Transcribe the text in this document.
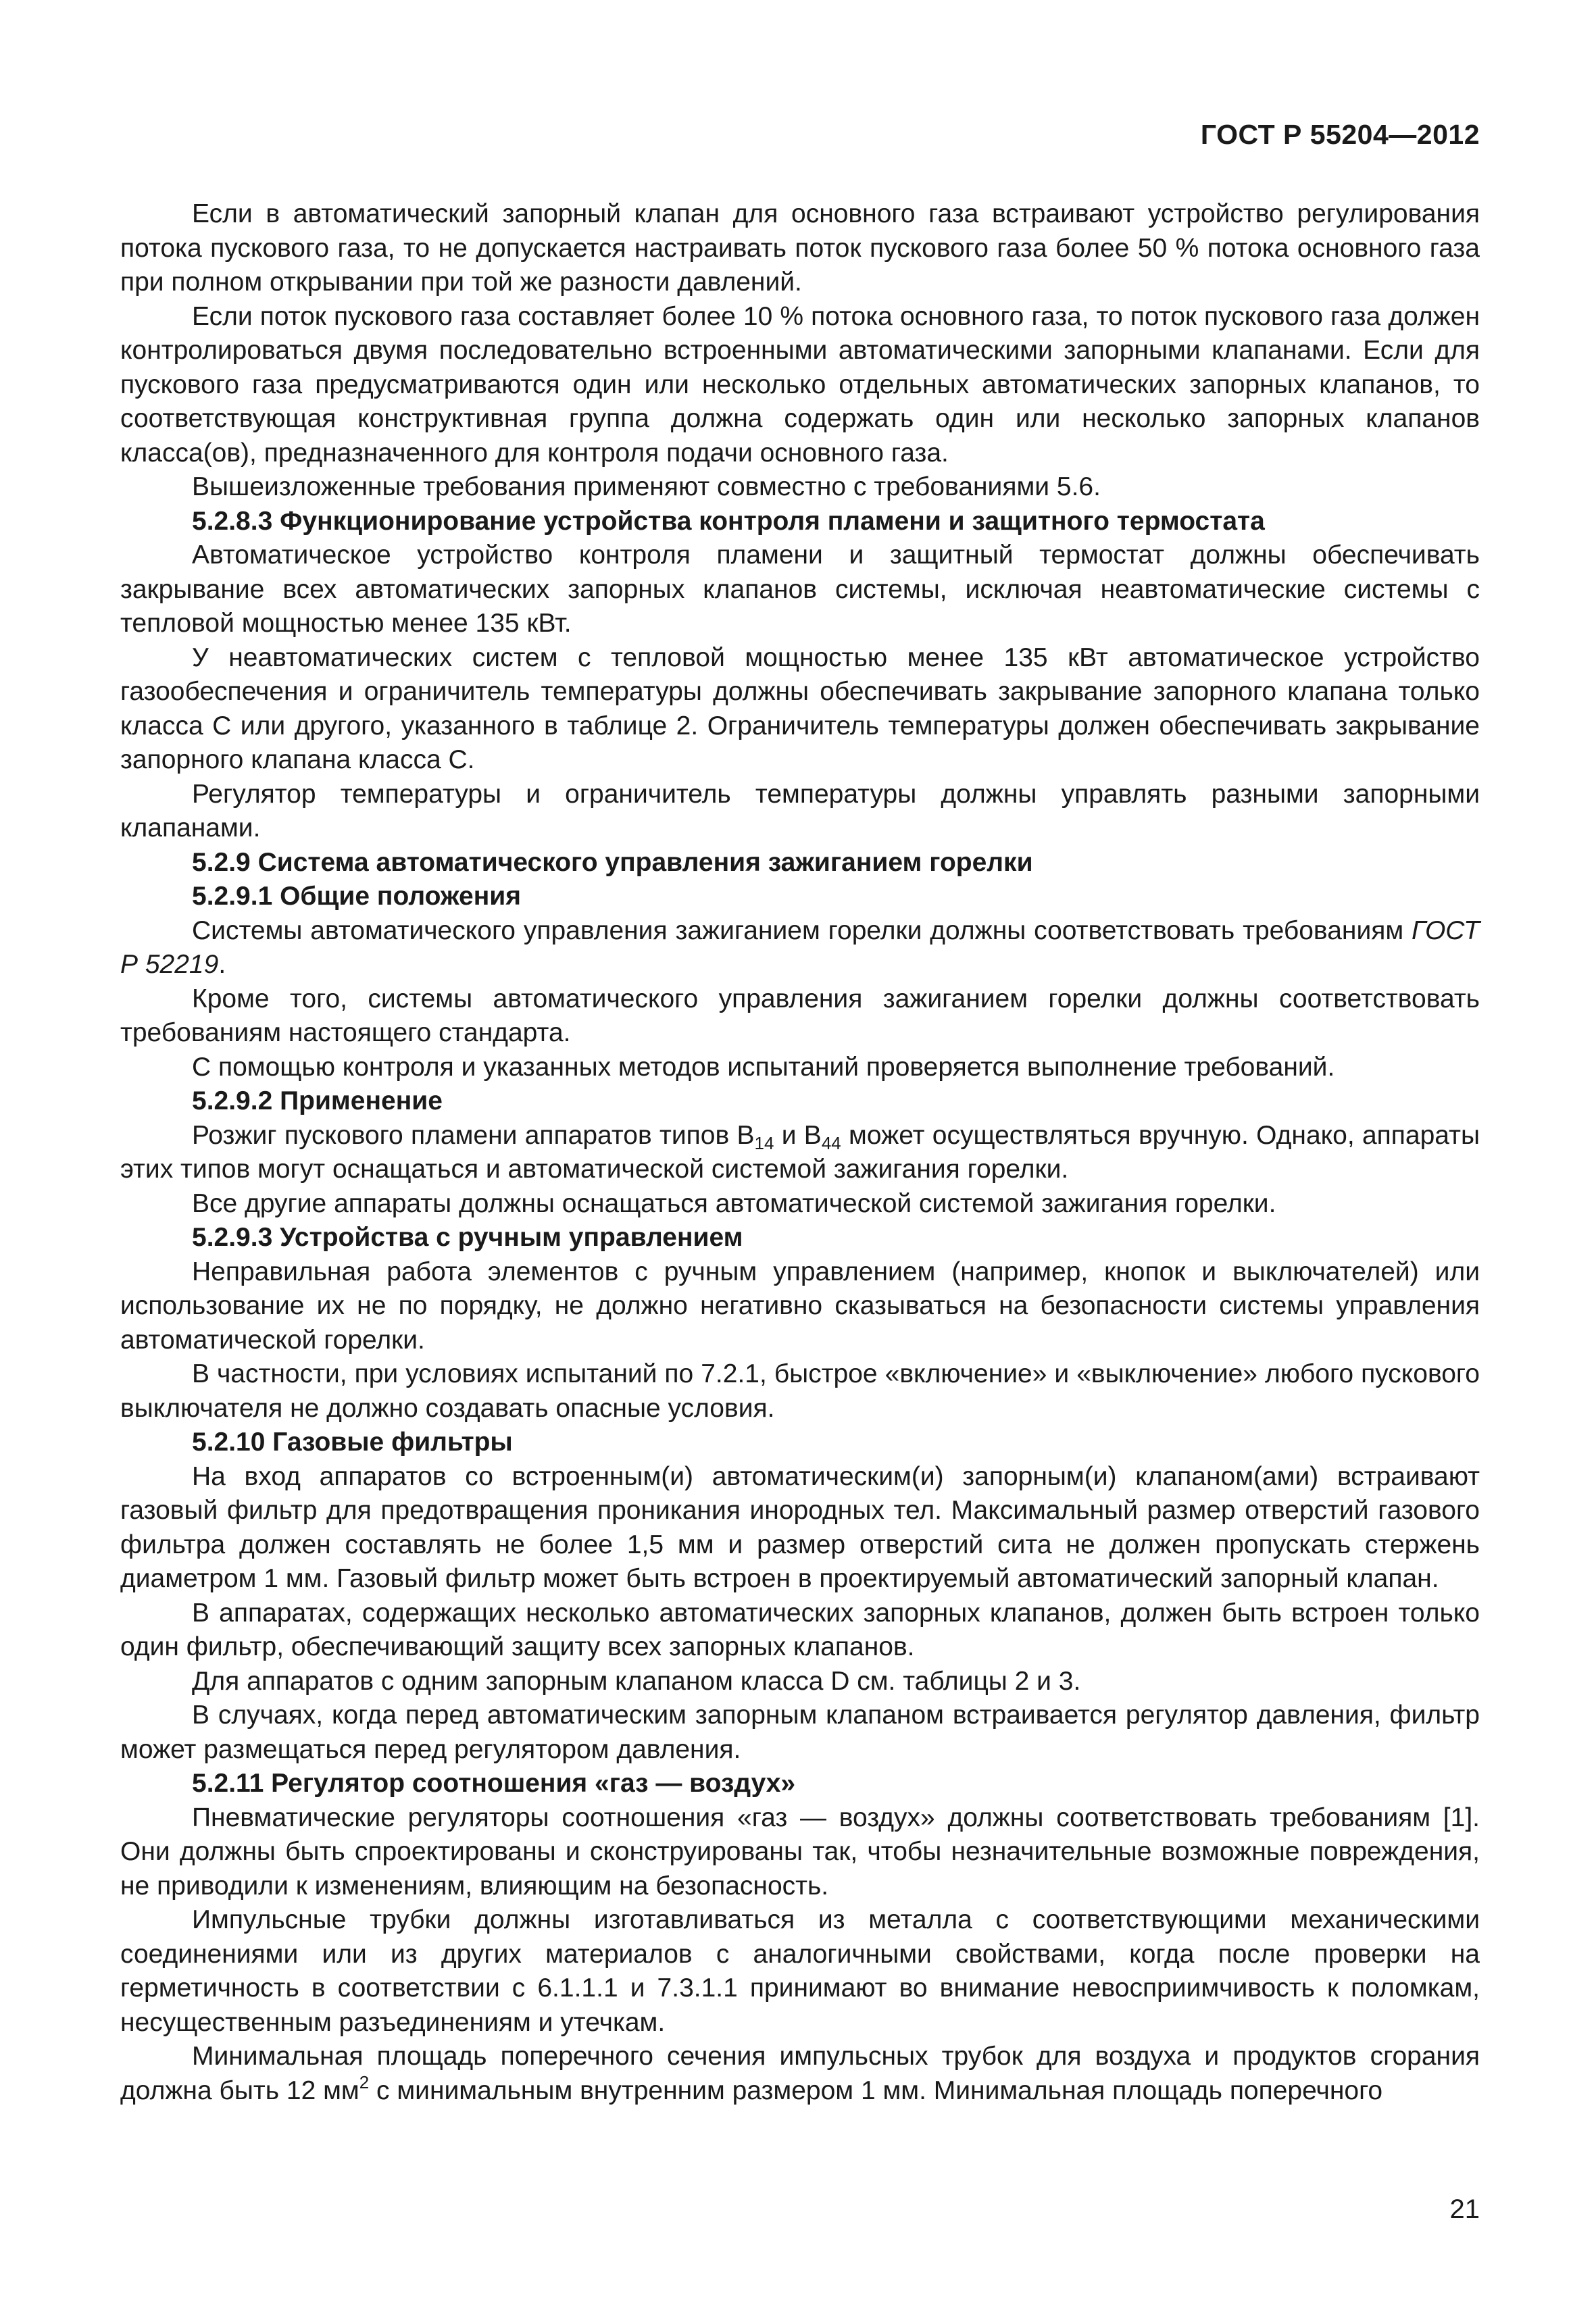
ГОСТ Р 55204—2012

Если в автоматический запорный клапан для основного газа встраивают устройство регулирования потока пускового газа, то не допускается настраивать поток пускового газа более 50 % потока основного газа при полном открывании при той же разности давлений.

Если поток пускового газа составляет более 10 % потока основного газа, то поток пускового газа должен контролироваться двумя последовательно встроенными автоматическими запорными клапанами. Если для пускового газа предусматриваются один или несколько отдельных автоматических запорных клапанов, то соответствующая конструктивная группа должна содержать один или несколько запорных клапанов класса(ов), предназначенного для контроля подачи основного газа.

Вышеизложенные требования применяют совместно с требованиями 5.6.

5.2.8.3 Функционирование устройства контроля пламени и защитного термостата

Автоматическое устройство контроля пламени и защитный термостат должны обеспечивать закрывание всех автоматических запорных клапанов системы, исключая неавтоматические системы с тепловой мощностью менее 135 кВт.

У неавтоматических систем с тепловой мощностью менее 135 кВт автоматическое устройство газообеспечения и ограничитель температуры должны обеспечивать закрывание запорного клапана только класса С или другого, указанного в таблице 2. Ограничитель температуры должен обеспечивать закрывание запорного клапана класса С.

Регулятор температуры и ограничитель температуры должны управлять разными запорными клапанами.

5.2.9 Система автоматического управления зажиганием горелки

5.2.9.1 Общие положения

Системы автоматического управления зажиганием горелки должны соответствовать требованиям ГОСТ Р 52219.

Кроме того, системы автоматического управления зажиганием горелки должны соответствовать требованиям настоящего стандарта.

С помощью контроля и указанных методов испытаний проверяется выполнение требований.

5.2.9.2 Применение

Розжиг пускового пламени аппаратов типов $В_{14}$ и $В_{44}$ может осуществляться вручную. Однако, аппараты этих типов могут оснащаться и автоматической системой зажигания горелки.

Все другие аппараты должны оснащаться автоматической системой зажигания горелки.

5.2.9.3 Устройства с ручным управлением

Неправильная работа элементов с ручным управлением (например, кнопок и выключателей) или использование их не по порядку, не должно негативно сказываться на безопасности системы управления автоматической горелки.

В частности, при условиях испытаний по 7.2.1, быстрое «включение» и «выключение» любого пускового выключателя не должно создавать опасные условия.

5.2.10 Газовые фильтры

На вход аппаратов со встроенным(и) автоматическим(и) запорным(и) клапаном(ами) встраивают газовый фильтр для предотвращения проникания инородных тел. Максимальный размер отверстий газового фильтра должен составлять не более 1,5 мм и размер отверстий сита не должен пропускать стержень диаметром 1 мм. Газовый фильтр может быть встроен в проектируемый автоматический запорный клапан.

В аппаратах, содержащих несколько автоматических запорных клапанов, должен быть встроен только один фильтр, обеспечивающий защиту всех запорных клапанов.

Для аппаратов с одним запорным клапаном класса D см. таблицы 2 и 3.

В случаях, когда перед автоматическим запорным клапаном встраивается регулятор давления, фильтр может размещаться перед регулятором давления.

5.2.11 Регулятор соотношения «газ — воздух»

Пневматические регуляторы соотношения «газ — воздух» должны соответствовать требованиям [1]. Они должны быть спроектированы и сконструированы так, чтобы незначительные возможные повреждения, не приводили к изменениям, влияющим на безопасность.

Импульсные трубки должны изготавливаться из металла с соответствующими механическими соединениями или из других материалов с аналогичными свойствами, когда после проверки на герметичность в соответствии с 6.1.1.1 и 7.3.1.1 принимают во внимание невосприимчивость к поломкам, несущественным разъединениям и утечкам.

Минимальная площадь поперечного сечения импульсных трубок для воздуха и продуктов сгорания должна быть 12 $мм^2$ с минимальным внутренним размером 1 мм. Минимальная площадь поперечного

21
